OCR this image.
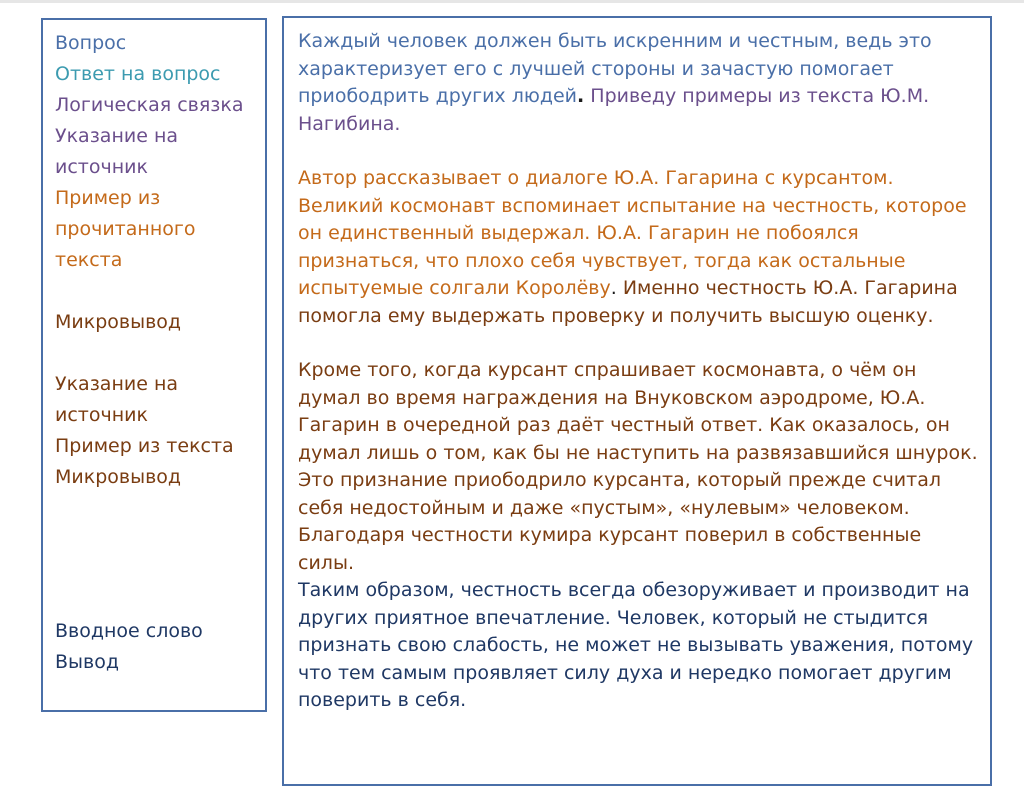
Вопрос
Ответ на вопрос
Логическая связка
Указание на
источник
Пример из
прочитанного
текста
Микровывод
Указание на
источник
Пример из текста
Микровывод
Вводное слово
Вывод
Каждый человек должен быть искренним и честным, ведь это характеризует его с лучшей стороны и зачастую помогает приободрить других людей. Приведу примеры из текста Ю.М. Нагибина.
Автор рассказывает о диалоге Ю.А. Гагарина с курсантом. Великий космонавт вспоминает испытание на честность, которое он единственный выдержал. Ю.А. Гагарин не побоялся признаться, что плохо себя чувствует, тогда как остальные испытуемые солгали Королёву. Именно честность Ю.А. Гагарина помогла ему выдержать проверку и получить высшую оценку.
Кроме того, когда курсант спрашивает космонавта, о чём он думал во время награждения на Внуковском аэродроме, Ю.А. Гагарин в очередной раз даёт честный ответ. Как оказалось, он думал лишь о том, как бы не наступить на развязавшийся шнурок. Это признание приободрило курсанта, который прежде считал себя недостойным и даже «пустым», «нулевым» человеком. Благодаря честности кумира курсант поверил в собственные силы.
Таким образом, честность всегда обезоруживает и производит на других приятное впечатление. Человек, который не стыдится признать свою слабость, не может не вызывать уважения, потому что тем самым проявляет силу духа и нередко помогает другим поверить в себя.
